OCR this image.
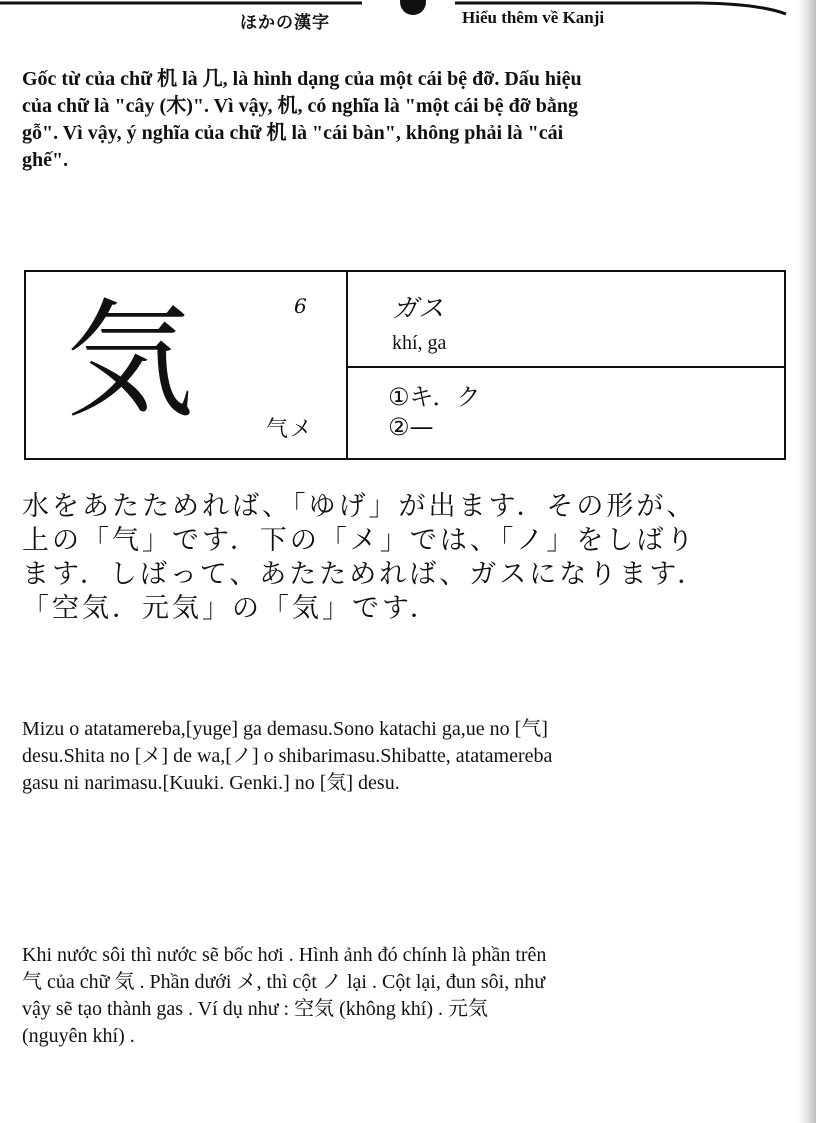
ほかの漢字	Hiểu thêm về Kanji
Gốc từ của chữ 机 là 几, là hình dạng của một cái bệ đỡ. Dấu hiệu
của chữ là "cây (木)". Vì vậy, 机, có nghĩa là "một cái bệ đỡ bằng
gỗ". Vì vậy, ý nghĩa của chữ 机 là "cái bàn", không phải là "cái
ghế".
気	6
气メ
ガス
khí, ga
①キ．ク
②—
水をあたためれば、「ゆげ」が出ます．その形が、
上の「气」です．下の「メ」では、「ノ」をしばり
ます．しばって、あたためれば、ガスになります．
「空気．元気」の「気」です．
Mizu o atatamereba,[yuge] ga demasu.Sono katachi ga,ue no [气]
desu.Shita no [メ] de wa,[ノ] o shibarimasu.Shibatte, atatamereba
gasu ni narimasu.[Kuuki. Genki.] no [気] desu.
Khi nước sôi thì nước sẽ bốc hơi . Hình ảnh đó chính là phần trên
气 của chữ 気 . Phần dưới メ, thì cột ノ lại . Cột lại, đun sôi, như
vậy sẽ tạo thành gas . Ví dụ như : 空気 (không khí) . 元気
(nguyên khí) .
